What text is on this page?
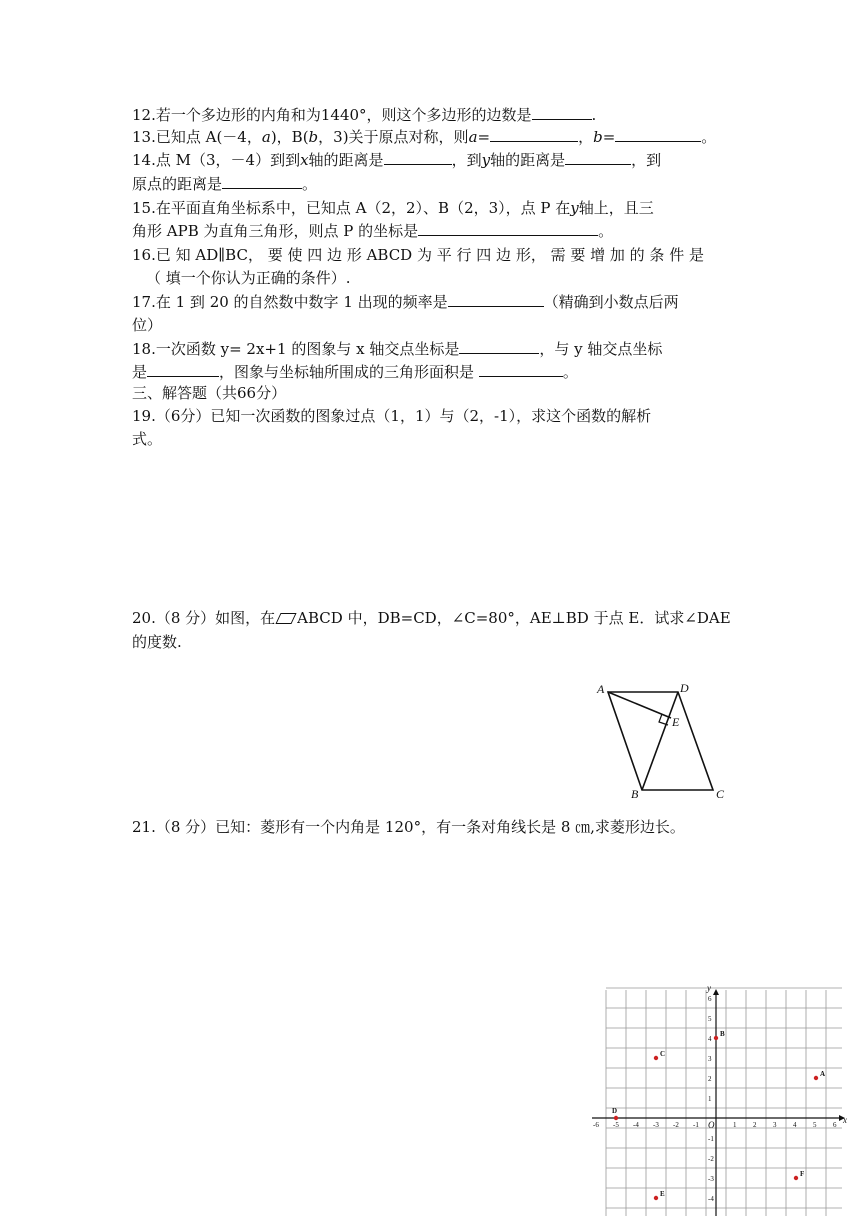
12.若一个多边形的内角和为1440°，则这个多边形的边数是	.
13.已知点 A(－4，a)，B(b，3)关于原点对称，则a=	，b=	。
14.点 M（3，－4）到到x轴的距离是	，到y轴的距离是	，到
原点的距离是	。
15.在平面直角坐标系中，已知点 A（2，2）、B（2，3），点 P 在y轴上，且三
角形 APB 为直角三角形，则点 P 的坐标是	。
16.已 知 AD∥BC， 要 使 四 边 形 ABCD 为 平 行 四 边 形， 需 要 增 加 的 条 件 是
（ 填一个你认为正确的条件）.
17.在 1 到 20 的自然数中数字 1 出现的频率是	（精确到小数点后两
位）
18.一次函数 y= 2x+1 的图象与 x 轴交点坐标是	，与 y 轴交点坐标
是	，图象与坐标轴所围成的三角形面积是	。
三、解答题（共66分）
19.（6分）已知一次函数的图象过点（1，1）与（2，-1），求这个函数的解析
式。
20.（8 分）如图，在 ABCD 中，DB=CD，∠C=80°，AE⊥BD 于点 E．试求∠DAE
的度数.
A	D
E
B	C
21.（8 分）已知：菱形有一个内角是 120°，有一条对角线长是 8 ㎝,求菱形边长。
-6 -5 -4 -3 -2 -1	1 2 3 4 5 6
6
5
4
3
2
1
-1
-2
-3
-4
O	x
y
A
B
C
D
E
F
